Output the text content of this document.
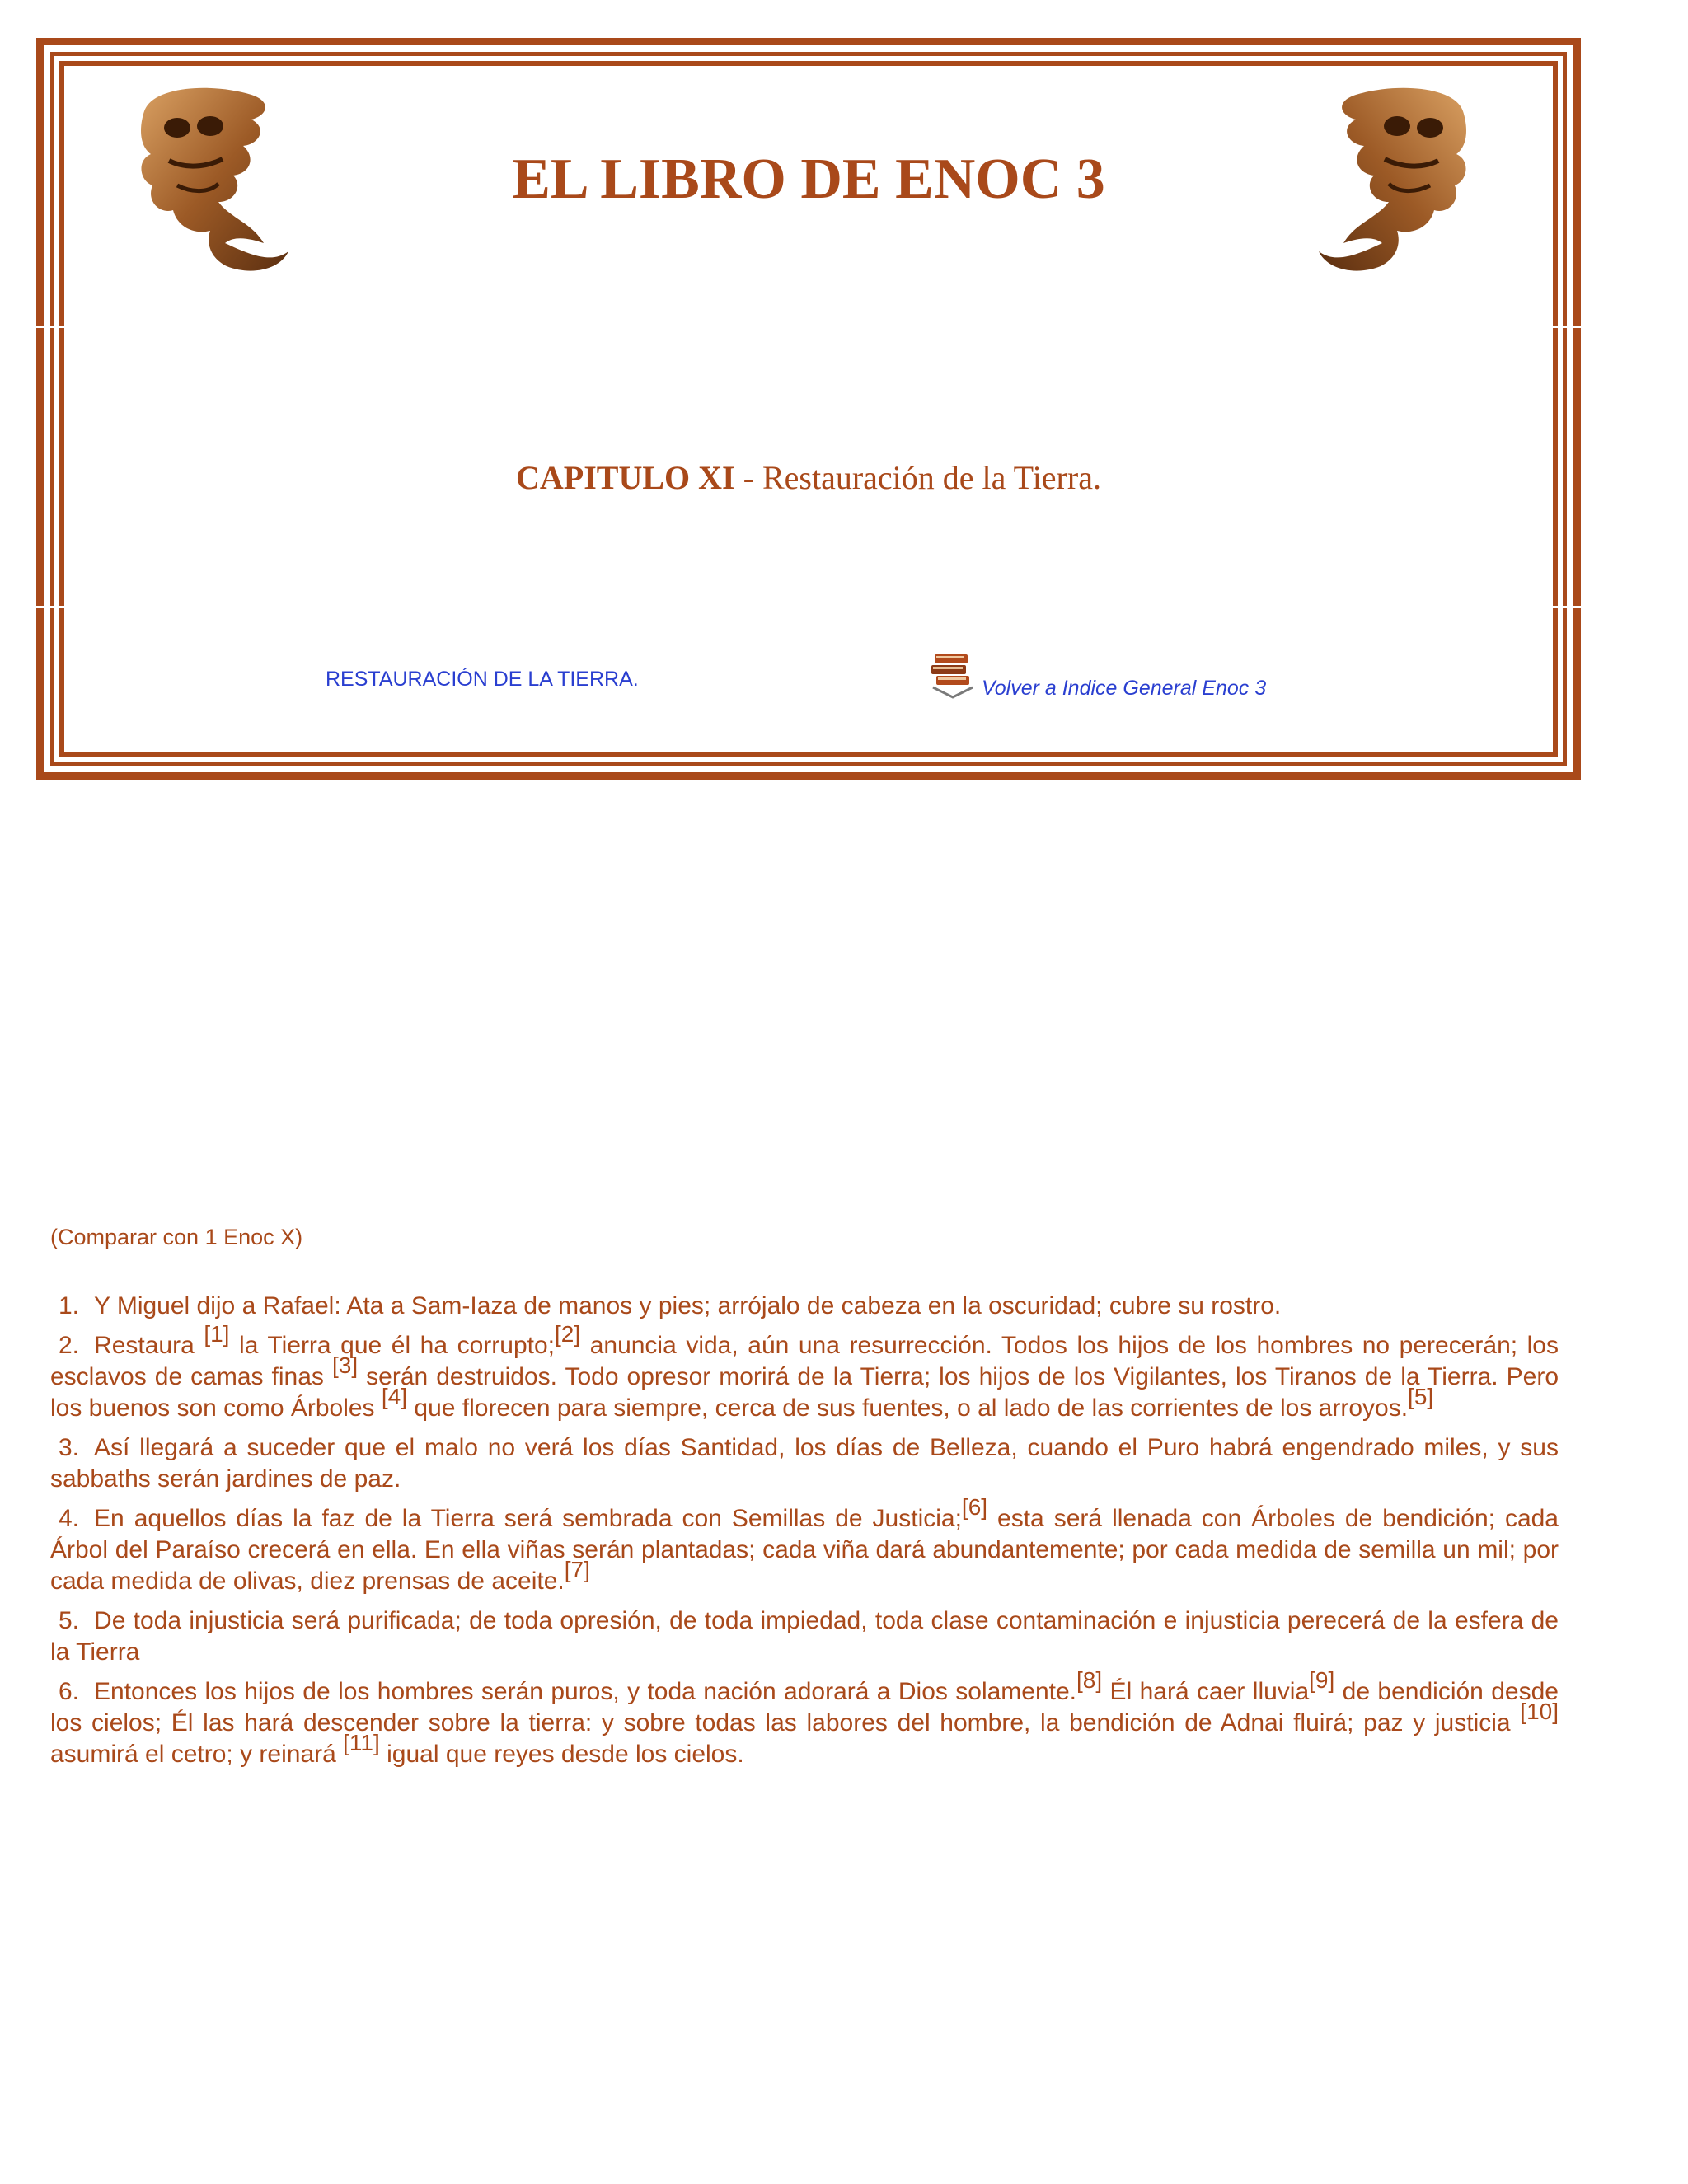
EL LIBRO DE ENOC 3
CAPITULO XI - Restauración de la Tierra.
RESTAURACIÓN DE LA TIERRA.	Volver a Indice General Enoc 3
(Comparar con 1 Enoc X)

1. Y Miguel dijo a Rafael: Ata a Sam-Iaza de manos y pies; arrójalo de cabeza en la oscuridad; cubre su rostro.

2. Restaura [1] la Tierra que él ha corrupto;[2] anuncia vida, aún una resurrección. Todos los hijos de los hombres no perecerán; los esclavos de camas finas [3] serán destruidos. Todo opresor morirá de la Tierra; los hijos de los Vigilantes, los Tiranos de la Tierra. Pero los buenos son como Árboles [4] que florecen para siempre, cerca de sus fuentes, o al lado de las corrientes de los arroyos.[5]

3. Así llegará a suceder que el malo no verá los días Santidad, los días de Belleza, cuando el Puro habrá engendrado miles, y sus sabbaths serán jardines de paz.

4. En aquellos días la faz de la Tierra será sembrada con Semillas de Justicia;[6] esta será llenada con Árboles de bendición; cada Árbol del Paraíso crecerá en ella. En ella viñas serán plantadas; cada viña dará abundantemente; por cada medida de semilla un mil; por cada medida de olivas, diez prensas de aceite.[7]

5. De toda injusticia será purificada; de toda opresión, de toda impiedad, toda clase contaminación e injusticia perecerá de la esfera de la Tierra

6. Entonces los hijos de los hombres serán puros, y toda nación adorará a Dios solamente.[8] Él hará caer lluvia[9] de bendición desde los cielos; Él las hará descender sobre la tierra: y sobre todas las labores del hombre, la bendición de Adnai fluirá; paz y justicia [10] asumirá el cetro; y reinará [11] igual que reyes desde los cielos.
